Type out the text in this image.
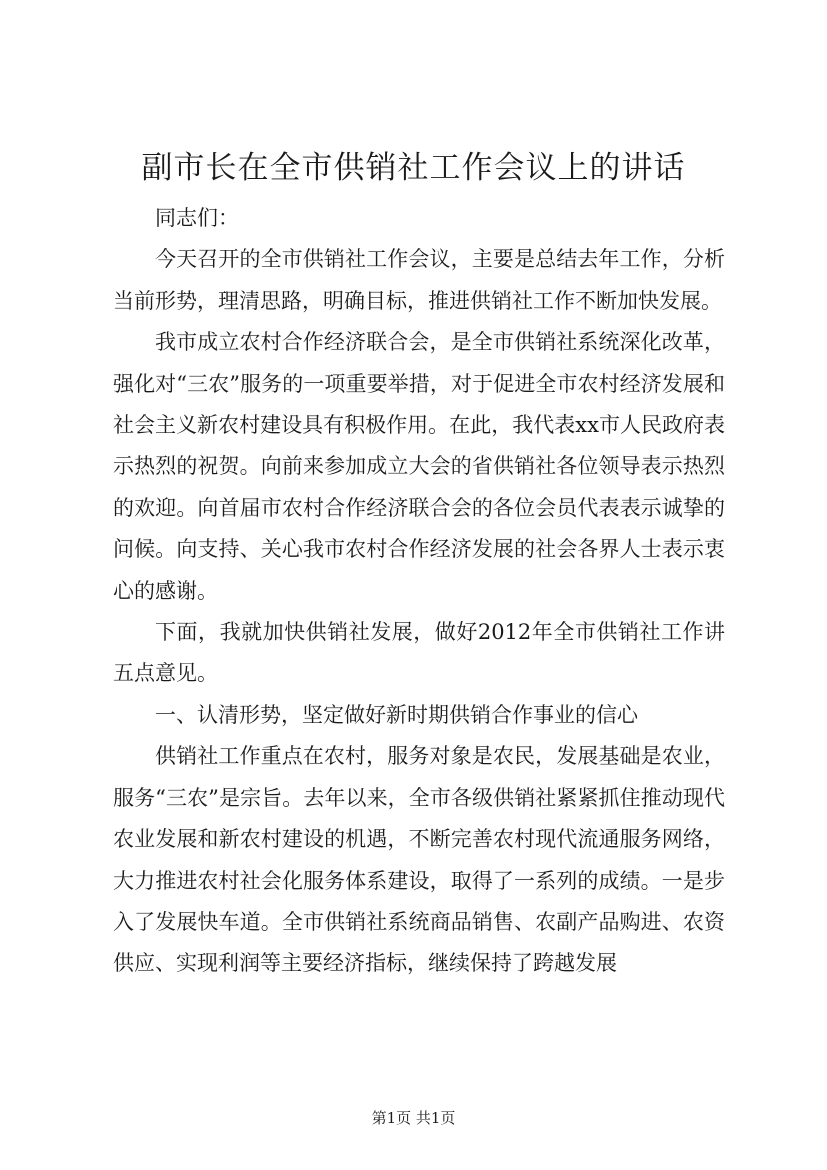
副市长在全市供销社工作会议上的讲话

同志们：

今天召开的全市供销社工作会议，主要是总结去年工作，分析当前形势，理清思路，明确目标，推进供销社工作不断加快发展。

我市成立农村合作经济联合会，是全市供销社系统深化改革，强化对“三农”服务的一项重要举措，对于促进全市农村经济发展和社会主义新农村建设具有积极作用。在此，我代表xx市人民政府表示热烈的祝贺。向前来参加成立大会的省供销社各位领导表示热烈的欢迎。向首届市农村合作经济联合会的各位会员代表表示诚挚的问候。向支持、关心我市农村合作经济发展的社会各界人士表示衷心的感谢。

下面，我就加快供销社发展，做好2012年全市供销社工作讲五点意见。

一、认清形势，坚定做好新时期供销合作事业的信心

供销社工作重点在农村，服务对象是农民，发展基础是农业，服务“三农”是宗旨。去年以来，全市各级供销社紧紧抓住推动现代农业发展和新农村建设的机遇，不断完善农村现代流通服务网络，大力推进农村社会化服务体系建设，取得了一系列的成绩。一是步入了发展快车道。全市供销社系统商品销售、农副产品购进、农资供应、实现利润等主要经济指标，继续保持了跨越发展

第1页 共1页
